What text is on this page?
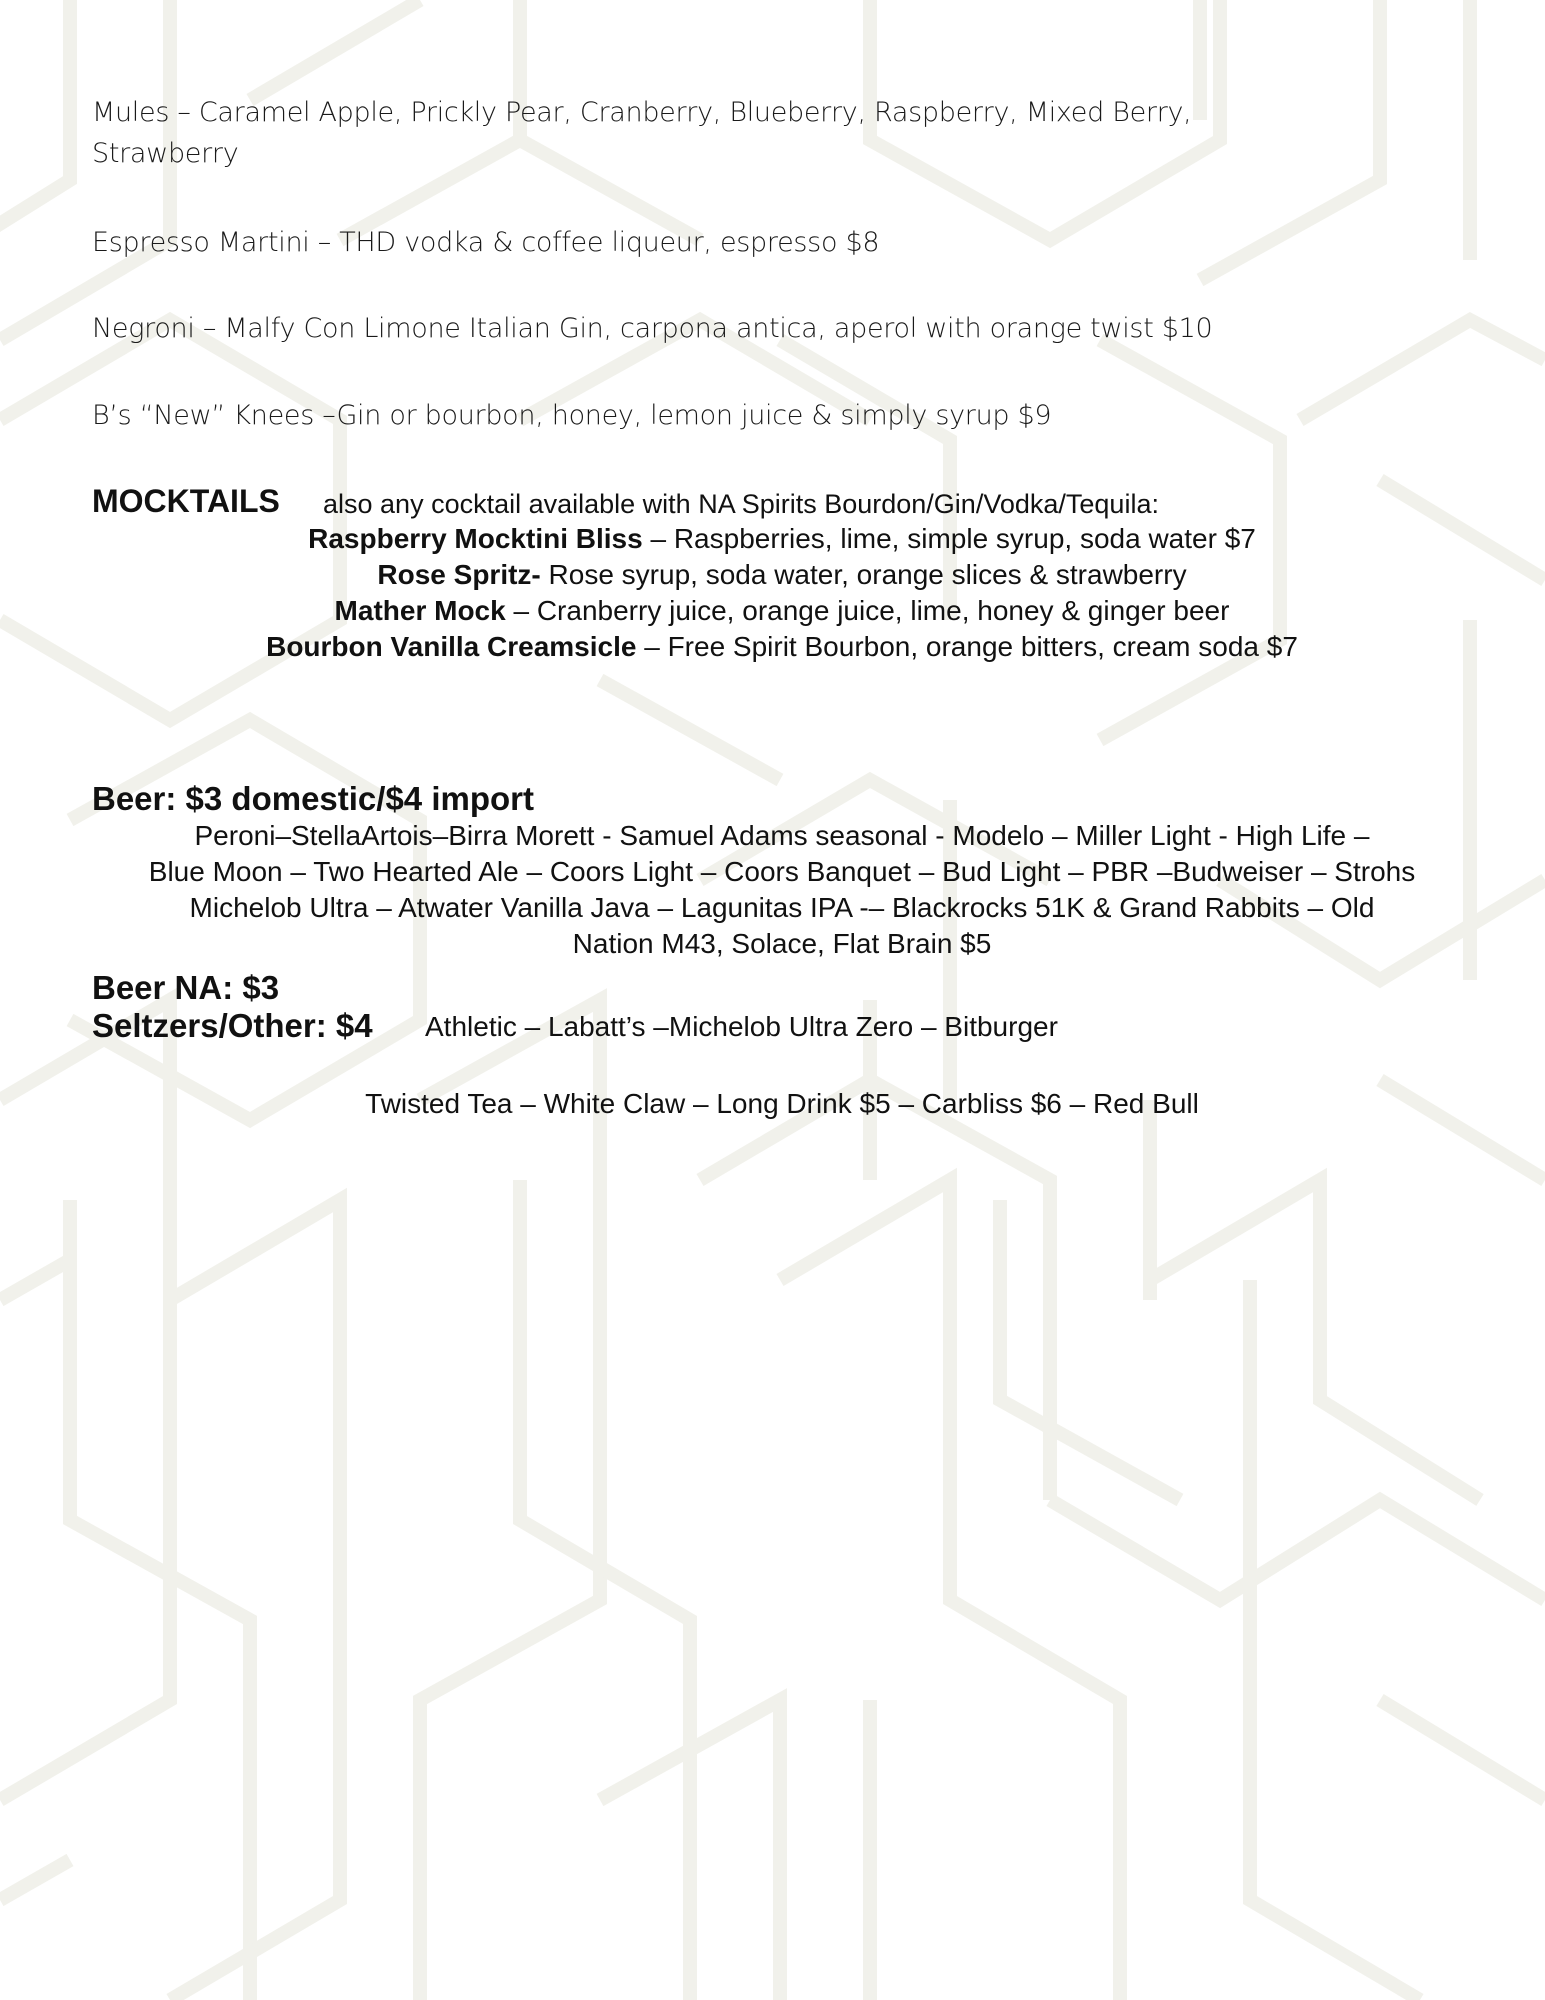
Mules – Caramel Apple, Prickly Pear, Cranberry, Blueberry, Raspberry, Mixed Berry,
Strawberry
Espresso Martini – THD vodka & coffee liqueur, espresso $8
Negroni – Malfy Con Limone Italian Gin, carpona antica, aperol with orange twist $10
B’s “New” Knees –Gin or bourbon, honey, lemon juice & simply syrup $9
MOCKTAILS also any cocktail available with NA Spirits Bourdon/Gin/Vodka/Tequila:
Raspberry Mocktini Bliss – Raspberries, lime, simple syrup, soda water $7
Rose Spritz- Rose syrup, soda water, orange slices & strawberry
Mather Mock – Cranberry juice, orange juice, lime, honey & ginger beer
Bourbon Vanilla Creamsicle – Free Spirit Bourbon, orange bitters, cream soda $7
Beer: $3 domestic/$4 import
Peroni–StellaArtois–Birra Morett - Samuel Adams seasonal - Modelo – Miller Light - High Life –
Blue Moon – Two Hearted Ale – Coors Light – Coors Banquet – Bud Light – PBR –Budweiser – Strohs
Michelob Ultra – Atwater Vanilla Java – Lagunitas IPA -– Blackrocks 51K & Grand Rabbits – Old
Nation M43, Solace, Flat Brain $5
Beer NA: $3
Seltzers/Other: $4 Athletic – Labatt’s –Michelob Ultra Zero – Bitburger
Twisted Tea – White Claw – Long Drink $5 – Carbliss $6 – Red Bull
